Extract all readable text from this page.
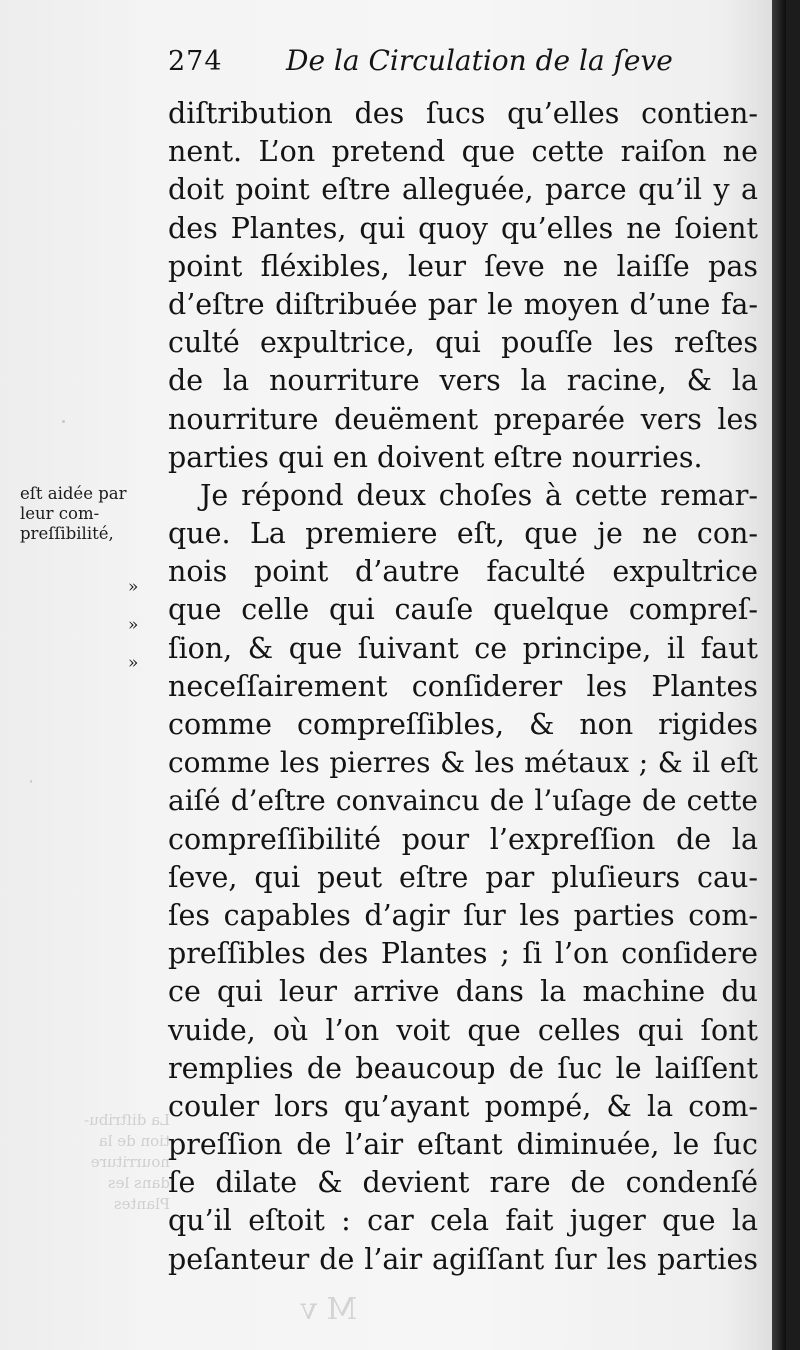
La diſtribu-
tion de la
nourriture
dans les
Plantes
M v
274 De la Circulation de la ſeve
eſt aidée par
leur com-
preſſibilité,
»
»
»
diſtribution des ſucs qu’elles contien-
nent. L’on pretend que cette raiſon ne
doit point eſtre alleguée, parce qu’il y a
des Plantes, qui quoy qu’elles ne ſoient
point fléxibles, leur ſeve ne laiſſe pas
d’eſtre diſtribuée par le moyen d’une fa-
culté expultrice, qui pouſſe les reſtes
de la nourriture vers la racine, & la
nourriture deuëment preparée vers les
parties qui en doivent eſtre nourries.
Je répond deux choſes à cette remar-
que. La premiere eſt, que je ne con-
nois point d’autre faculté expultrice
que celle qui cauſe quelque compreſ-
ſion, & que ſuivant ce principe, il faut
neceſſairement conſiderer les Plantes
comme compreſſibles, & non rigides
comme les pierres & les métaux ; & il eſt
aiſé d’eſtre convaincu de l’uſage de cette
compreſſibilité pour l’expreſſion de la
ſeve, qui peut eſtre par pluſieurs cau-
ſes capables d’agir ſur les parties com-
preſſibles des Plantes ; ſi l’on conſidere
ce qui leur arrive dans la machine du
vuide, où l’on voit que celles qui ſont
remplies de beaucoup de ſuc le laiſſent
couler lors qu’ayant pompé, & la com-
preſſion de l’air eſtant diminuée, le ſuc
ſe dilate & devient rare de condenſé
qu’il eſtoit : car cela fait juger que la
peſanteur de l’air agiſſant ſur les parties
